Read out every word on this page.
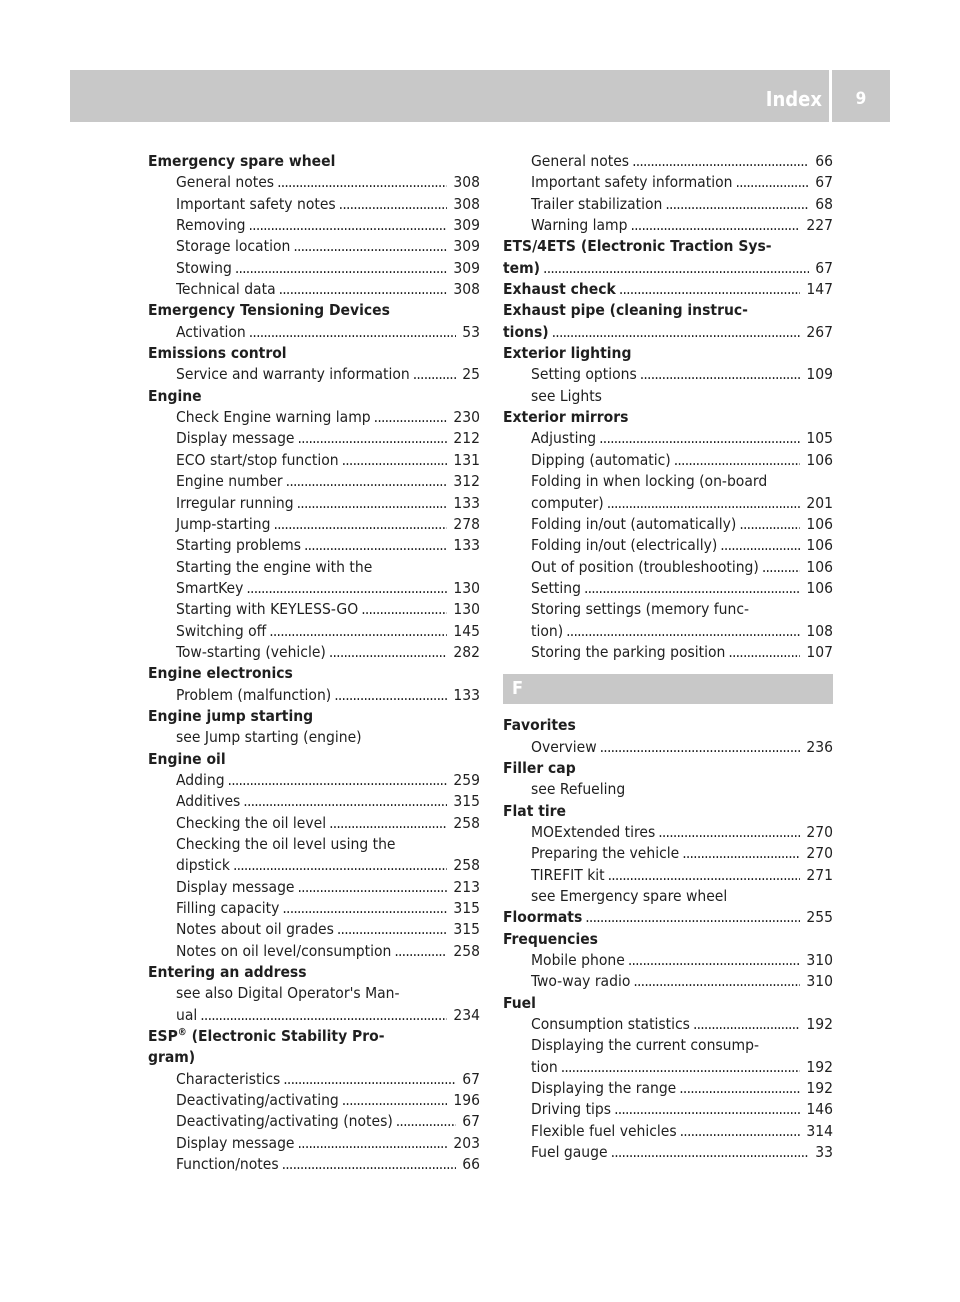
Index	9
Emergency spare wheel
General notes . . .	308
Important safety notes . . .	308
Removing . . .	309
Storage location . . .	309
Stowing . . .	309
Technical data . . .	308
Emergency Tensioning Devices
Activation . . .	53
Emissions control
Service and warranty information . . .	25
Engine
Check Engine warning lamp . . .	230
Display message . . .	212
ECO start/stop function . . .	131
Engine number . . .	312
Irregular running . . .	133
Jump-starting . . .	278
Starting problems . . .	133
Starting the engine with the
SmartKey . . .	130
Starting with KEYLESS-GO . . .	130
Switching off . . .	145
Tow-starting (vehicle) . . .	282
Engine electronics
Problem (malfunction) . . .	133
Engine jump starting
see Jump starting (engine)
Engine oil
Adding . . .	259
Additives . . .	315
Checking the oil level . . .	258
Checking the oil level using the
dipstick . . .	258
Display message . . .	213
Filling capacity . . .	315
Notes about oil grades . . .	315
Notes on oil level/consumption . . .	258
Entering an address
see also Digital Operator's Man-
ual . . .	234
ESP® (Electronic Stability Pro-
gram)
Characteristics . . .	67
Deactivating/activating . . .	196
Deactivating/activating (notes) . . .	67
Display message . . .	203
Function/notes . . .	66
General notes . . .	66
Important safety information . . .	67
Trailer stabilization . . .	68
Warning lamp . . .	227
ETS/4ETS (Electronic Traction Sys-
tem) . . .	67
Exhaust check . . .	147
Exhaust pipe (cleaning instruc-
tions) . . .	267
Exterior lighting
Setting options . . .	109
see Lights
Exterior mirrors
Adjusting . . .	105
Dipping (automatic) . . .	106
Folding in when locking (on-board
computer) . . .	201
Folding in/out (automatically) . . .	106
Folding in/out (electrically) . . .	106
Out of position (troubleshooting) . . .	106
Setting . . .	106
Storing settings (memory func-
tion) . . .	108
Storing the parking position . . .	107
F
Favorites
Overview . . .	236
Filler cap
see Refueling
Flat tire
MOExtended tires . . .	270
Preparing the vehicle . . .	270
TIREFIT kit . . .	271
see Emergency spare wheel
Floormats . . .	255
Frequencies
Mobile phone . . .	310
Two-way radio . . .	310
Fuel
Consumption statistics . . .	192
Displaying the current consump-
tion . . .	192
Displaying the range . . .	192
Driving tips . . .	146
Flexible fuel vehicles . . .	314
Fuel gauge . . .	33
